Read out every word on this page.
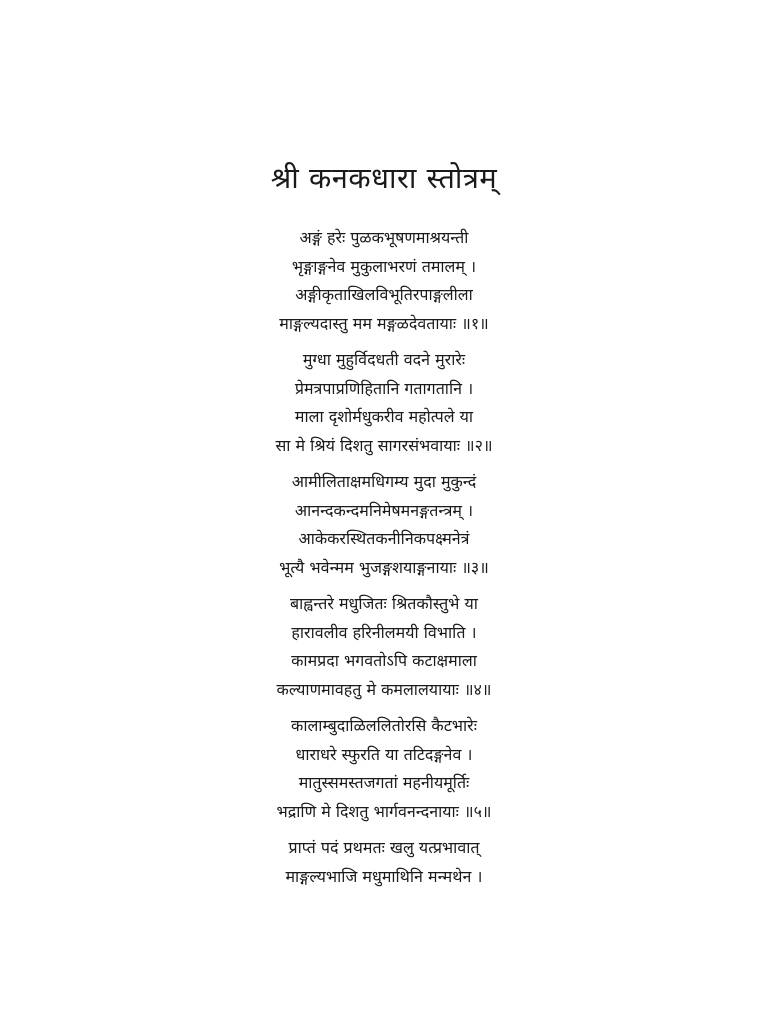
श्री कनकधारा स्तोत्रम्
अङ्गं हरेः पुळकभूषणमाश्रयन्ती
भृङ्गाङ्गनेव मुकुलाभरणं तमालम् ।
अङ्गीकृताखिलविभूतिरपाङ्गलीला
माङ्गल्यदास्तु मम मङ्गळदेवतायाः ॥१॥
मुग्धा मुहुर्विदधती वदने मुरारेः
प्रेमत्रपाप्रणिहितानि गतागतानि ।
माला दृशोर्मधुकरीव महोत्पले या
सा मे श्रियं दिशतु सागरसंभवायाः ॥२॥
आमीलिताक्षमधिगम्य मुदा मुकुन्दं
आनन्दकन्दमनिमेषमनङ्गतन्त्रम् ।
आकेकरस्थितकनीनिकपक्ष्मनेत्रं
भूत्यै भवेन्मम भुजङ्गशयाङ्गनायाः ॥३॥
बाह्वन्तरे मधुजितः श्रितकौस्तुभे या
हारावलीव हरिनीलमयी विभाति ।
कामप्रदा भगवतोऽपि कटाक्षमाला
कल्याणमावहतु मे कमलालयायाः ॥४॥
कालाम्बुदाळिललितोरसि कैटभारेः
धाराधरे स्फुरति या तटिदङ्गनेव ।
मातुस्समस्तजगतां महनीयमूर्तिः
भद्राणि मे दिशतु भार्गवनन्दनायाः ॥५॥
प्राप्तं पदं प्रथमतः खलु यत्प्रभावात्
माङ्गल्यभाजि मधुमाथिनि मन्मथेन ।
